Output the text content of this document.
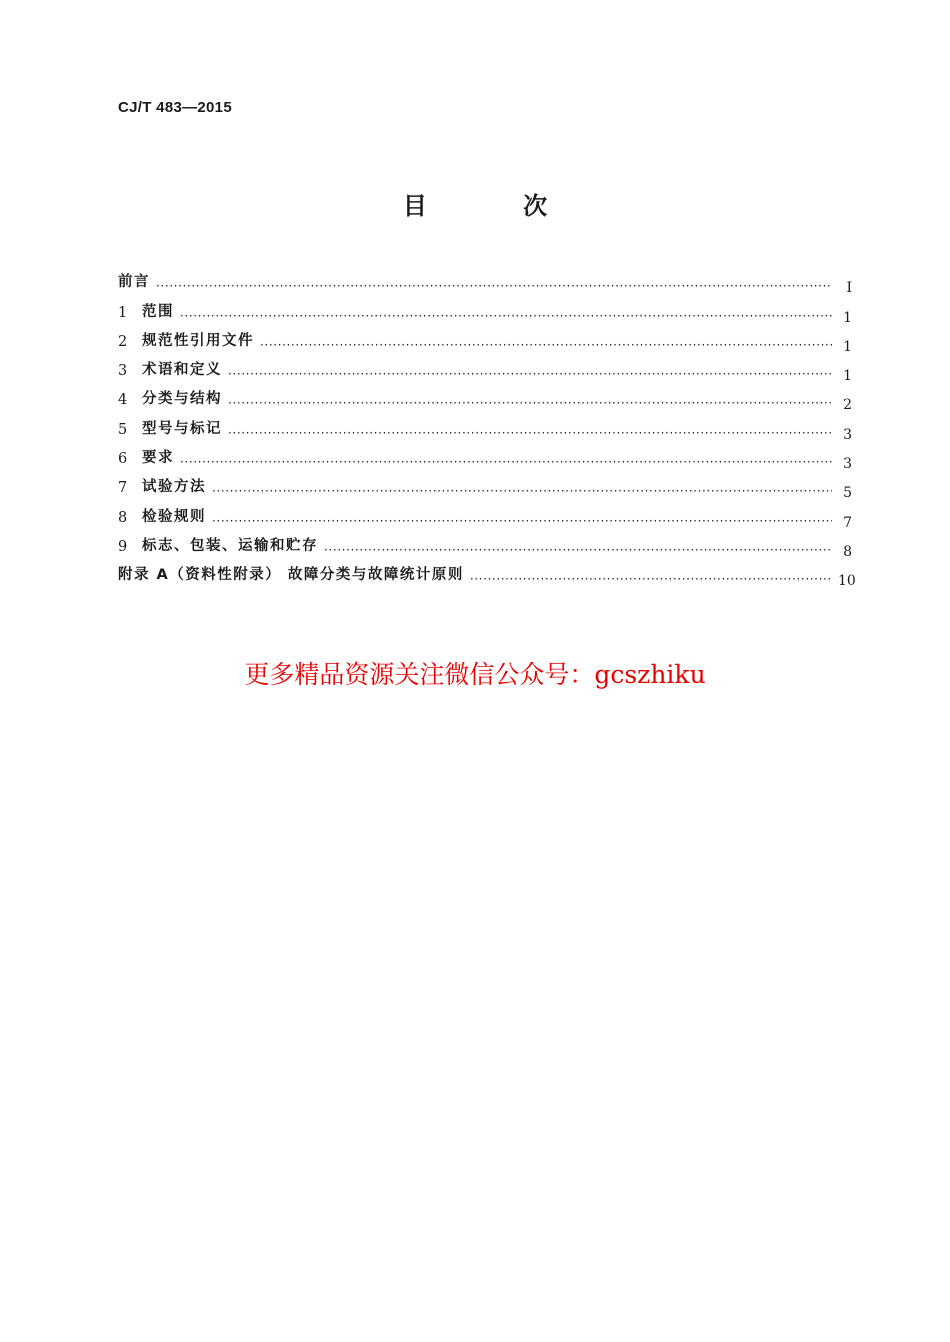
CJ/T 483—2015
目 次
前言 ·····	I
1	范围 ·····	1
2	规范性引用文件 ·····	1
3	术语和定义 ·····	1
4	分类与结构 ·····	2
5	型号与标记 ·····	3
6	要求 ·····	3
7	试验方法 ·····	5
8	检验规则 ·····	7
9	标志、包装、运输和贮存 ·····	8
附录 A（资料性附录） 故障分类与故障统计原则 ·····	10
更多精品资源关注微信公众号：gcszhiku
